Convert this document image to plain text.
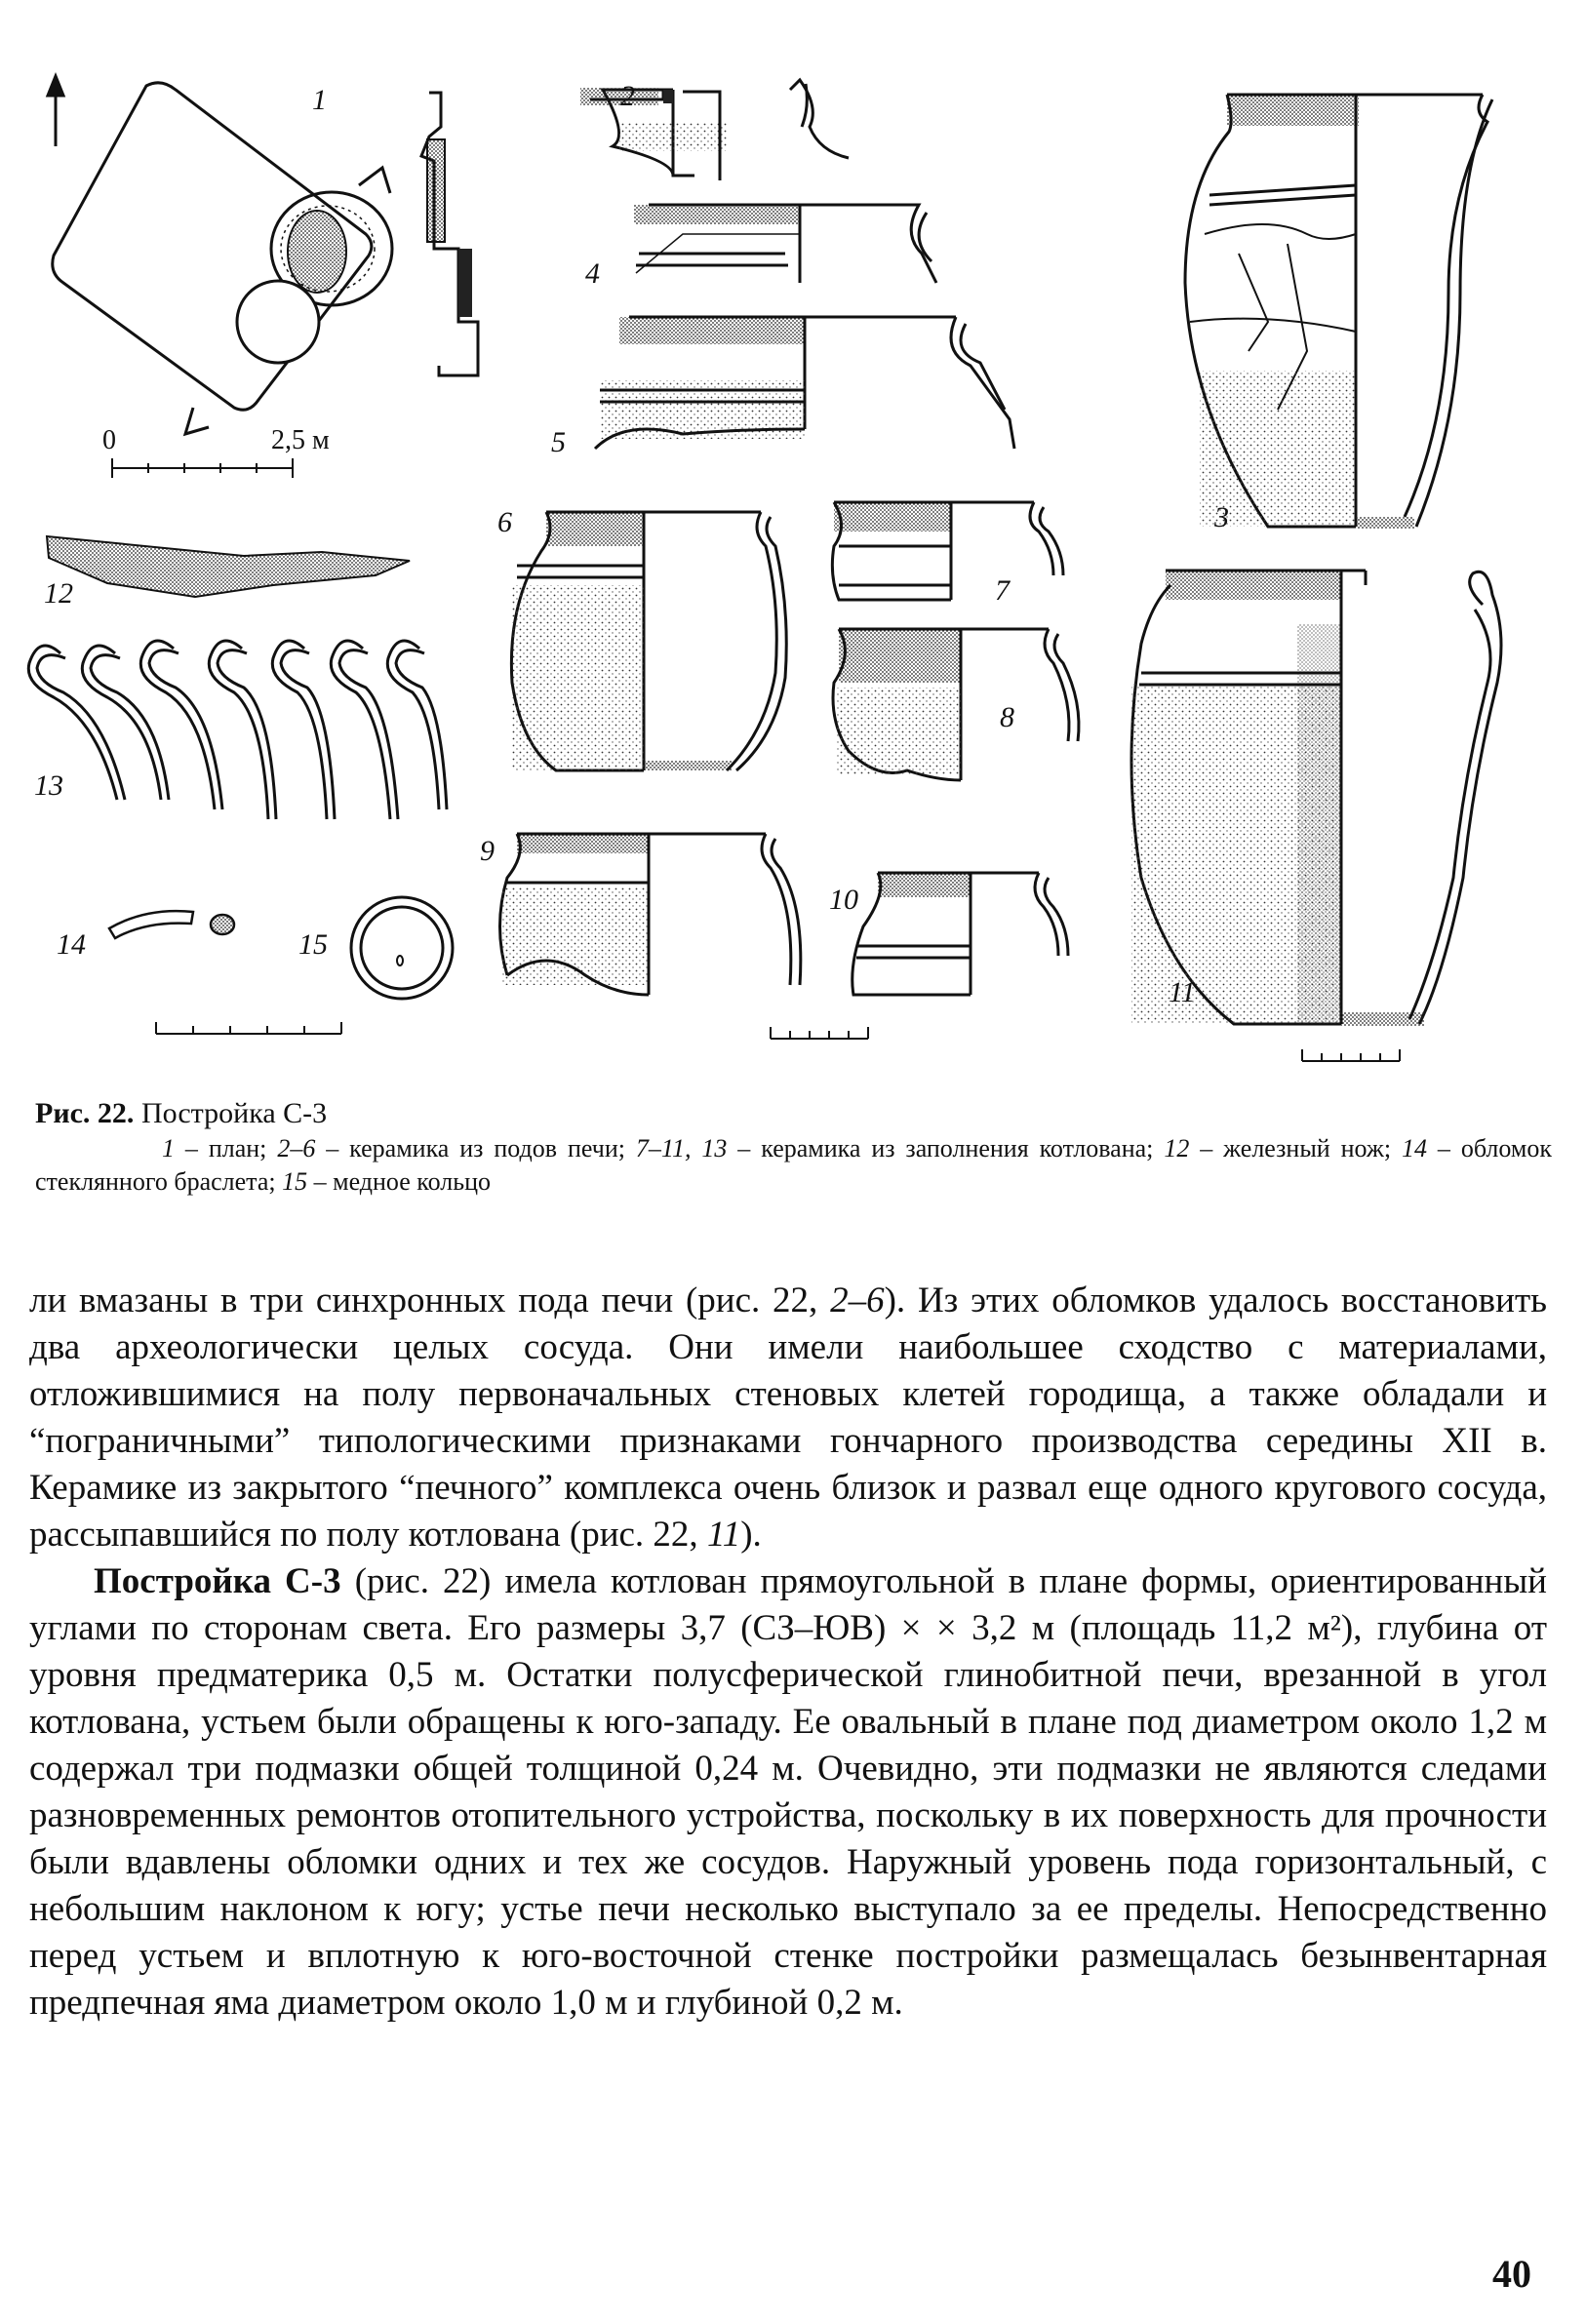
1
0	2,5 м
2
4
5
3
12
13
14	15
6
7
8
9
10
11
Рис. 22. Постройка С-3
1 – план; 2–6 – керамика из подов печи; 7–11, 13 – керамика из заполнения котлована; 12 – железный нож; 14 – обломок стеклянного браслета; 15 – медное кольцо

ли вмазаны в три синхронных пода печи (рис. 22, 2–6). Из этих обломков удалось восстановить два археологически целых сосуда. Они имели наибольшее сходство с материалами, отложившимися на полу первоначальных стеновых клетей городища, а также обладали и “пограничными” типологическими признаками гончарного производства середины XII в. Керамике из закрытого “печного” комплекса очень близок и развал еще одного кругового сосуда, рассыпавшийся по полу котлована (рис. 22, 11).

Постройка С-3 (рис. 22) имела котлован прямоугольной в плане формы, ориентированный углами по сторонам света. Его размеры 3,7 (СЗ–ЮВ) × × 3,2 м (площадь 11,2 м²), глубина от уровня предматерика 0,5 м. Остатки полусферической глинобитной печи, врезанной в угол котлована, устьем были обращены к юго-западу. Ее овальный в плане под диаметром около 1,2 м содержал три подмазки общей толщиной 0,24 м. Очевидно, эти подмазки не являются следами разновременных ремонтов отопительного устройства, поскольку в их поверхность для прочности были вдавлены обломки одних и тех же сосудов. Наружный уровень пода горизонтальный, с небольшим наклоном к югу; устье печи несколько выступало за ее пределы. Непосредственно перед устьем и вплотную к юго-восточной стенке постройки размещалась безынвентарная предпечная яма диаметром около 1,0 м и глубиной 0,2 м.

40
